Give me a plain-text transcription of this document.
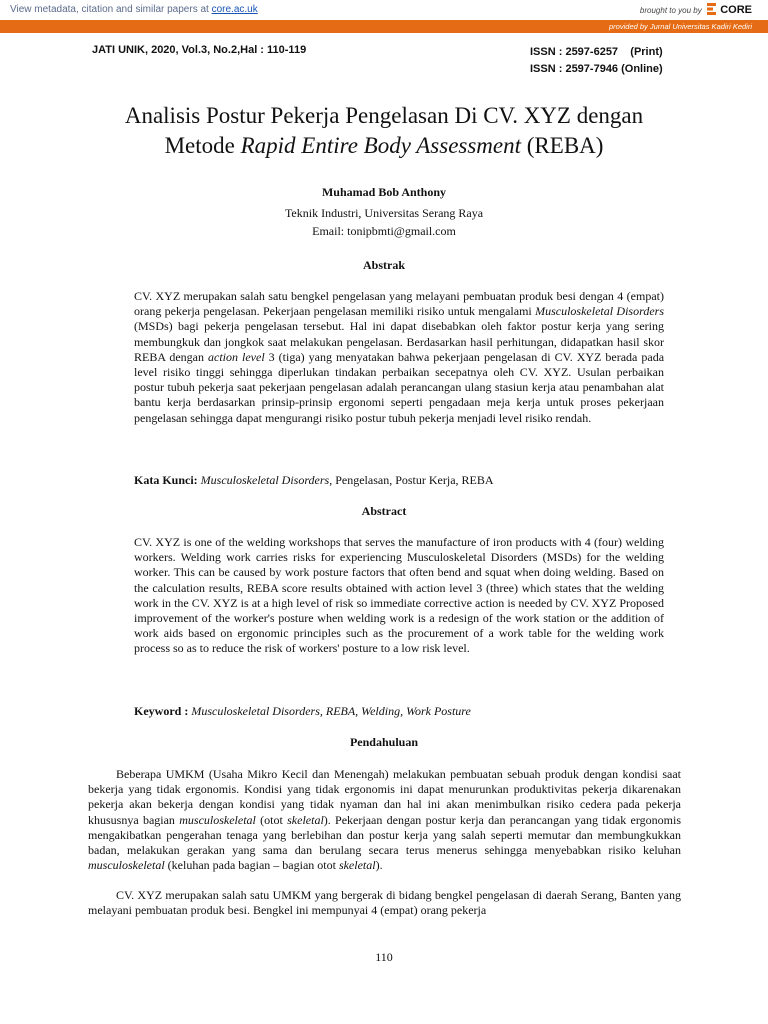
View metadata, citation and similar papers at core.ac.uk	brought to you by CORE
provided by Jurnal Universitas Kadiri Kediri
JATI UNIK, 2020, Vol.3, No.2,Hal : 110-119	ISSN : 2597-6257    (Print)
ISSN : 2597-7946 (Online)
Analisis Postur Pekerja Pengelasan Di CV. XYZ dengan
Metode Rapid Entire Body Assessment (REBA)
Muhamad Bob Anthony
Teknik Industri, Universitas Serang Raya
Email: tonipbmti@gmail.com
Abstrak

CV. XYZ merupakan salah satu bengkel pengelasan yang melayani pembuatan produk besi dengan 4 (empat) orang pekerja pengelasan. Pekerjaan pengelasan memiliki risiko untuk mengalami Musculoskeletal Disorders (MSDs) bagi pekerja pengelasan tersebut. Hal ini dapat disebabkan oleh faktor postur kerja yang sering membungkuk dan jongkok saat melakukan pengelasan. Berdasarkan hasil perhitungan, didapatkan hasil skor REBA dengan action level 3 (tiga) yang menyatakan bahwa pekerjaan pengelasan di CV. XYZ berada pada level risiko tinggi sehingga diperlukan tindakan perbaikan secepatnya oleh CV. XYZ. Usulan perbaikan postur tubuh pekerja saat pekerjaan pengelasan adalah perancangan ulang stasiun kerja atau penambahan alat bantu kerja berdasarkan prinsip-prinsip ergonomi seperti pengadaan meja kerja untuk proses pekerjaan pengelasan sehingga dapat mengurangi risiko postur tubuh pekerja menjadi level risiko rendah.

Kata Kunci: Musculoskeletal Disorders, Pengelasan, Postur Kerja, REBA
Abstract

CV. XYZ is one of the welding workshops that serves the manufacture of iron products with 4 (four) welding workers. Welding work carries risks for experiencing Musculoskeletal Disorders (MSDs) for the welding worker. This can be caused by work posture factors that often bend and squat when doing welding. Based on the calculation results, REBA score results obtained with action level 3 (three) which states that the welding work in the CV. XYZ is at a high level of risk so immediate corrective action is needed by CV. XYZ Proposed improvement of the worker's posture when welding work is a redesign of the work station or the addition of work aids based on ergonomic principles such as the procurement of a work table for the welding work process so as to reduce the risk of workers' posture to a low risk level.

Keyword : Musculoskeletal Disorders, REBA, Welding, Work Posture
Pendahuluan

Beberapa UMKM (Usaha Mikro Kecil dan Menengah) melakukan pembuatan sebuah produk dengan kondisi saat bekerja yang tidak ergonomis. Kondisi yang tidak ergonomis ini dapat menurunkan produktivitas pekerja dikarenakan pekerja akan bekerja dengan kondisi yang tidak nyaman dan hal ini akan menimbulkan risiko cedera pada pekerja khususnya bagian musculoskeletal (otot skeletal). Pekerjaan dengan postur kerja dan perancangan yang tidak ergonomis mengakibatkan pengerahan tenaga yang berlebihan dan postur kerja yang salah seperti memutar dan membungkukkan badan, melakukan gerakan yang sama dan berulang secara terus menerus sehingga menyebabkan risiko keluhan musculoskeletal (keluhan pada bagian – bagian otot skeletal).

CV. XYZ merupakan salah satu UMKM yang bergerak di bidang bengkel pengelasan di daerah Serang, Banten yang melayani pembuatan produk besi. Bengkel ini mempunyai 4 (empat) orang pekerja

110
